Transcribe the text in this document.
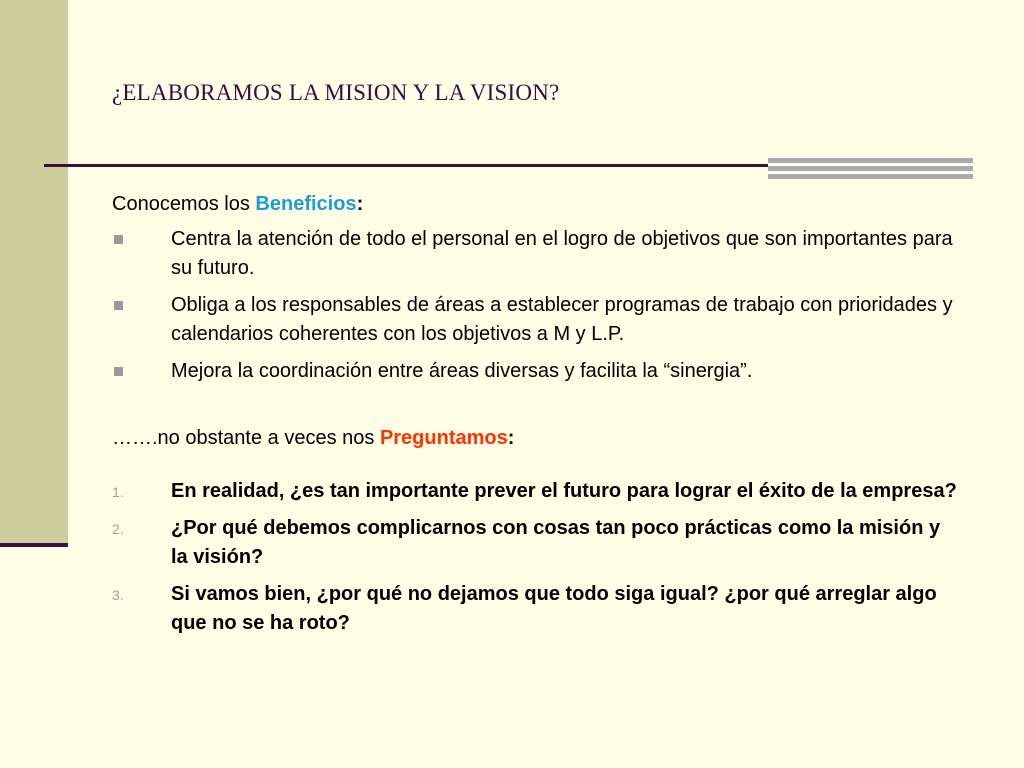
¿ELABORAMOS LA MISION Y LA VISION?

Conocemos los Beneficios:

Centra la atención de todo el personal en el logro de objetivos que son importantes para su futuro.
Obliga a los responsables de áreas a establecer programas de trabajo con prioridades y calendarios coherentes con los objetivos a M y L.P.
Mejora la coordinación entre áreas diversas y facilita la “sinergia”.

…….no obstante a veces nos Preguntamos:

1. En realidad, ¿es tan importante prever el futuro para lograr el éxito de la empresa?
2. ¿Por qué debemos complicarnos con cosas tan poco prácticas como la misión y la visión?
3. Si vamos bien, ¿por qué no dejamos que todo siga igual? ¿por qué arreglar algo que no se ha roto?
